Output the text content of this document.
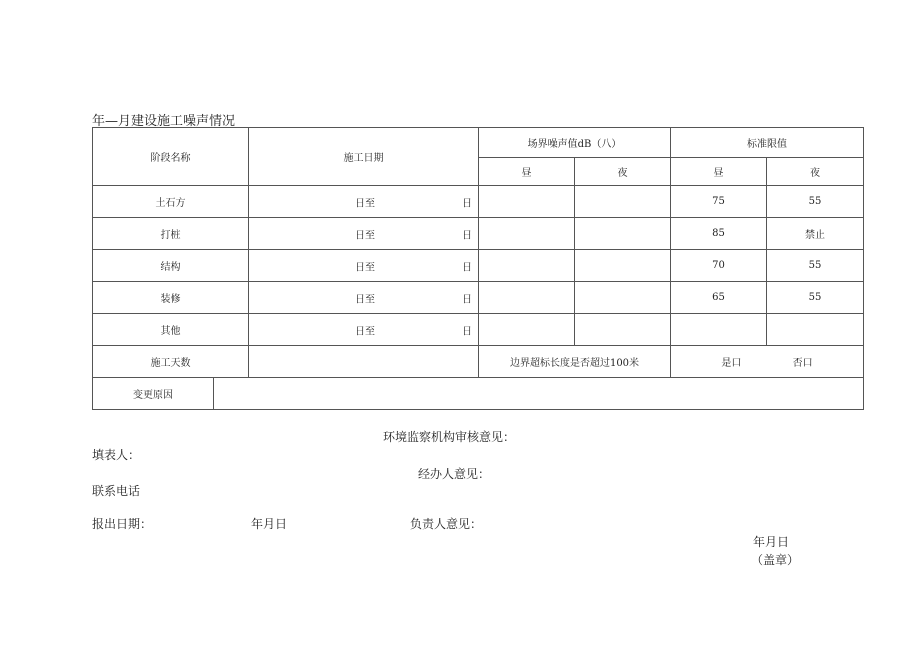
年—月建设施工噪声情况
阶段名称		施工日期	场界噪声值dB（八）		标准限值	
			昼	夜	昼	夜
土石方		日至 日			75	55
打桩		日至 日			85	禁止
结构		日至 日			70	55
装修		日至 日			65	55
其他		日至 日				

施工天数			边界超标长度是否超过100米		是口 否口	
变更原因						
环境监察机构审核意见：
填表人：
经办人意见：
联系电话
报出日期：	年月日	负责人意见：
年月日
（盖章）
